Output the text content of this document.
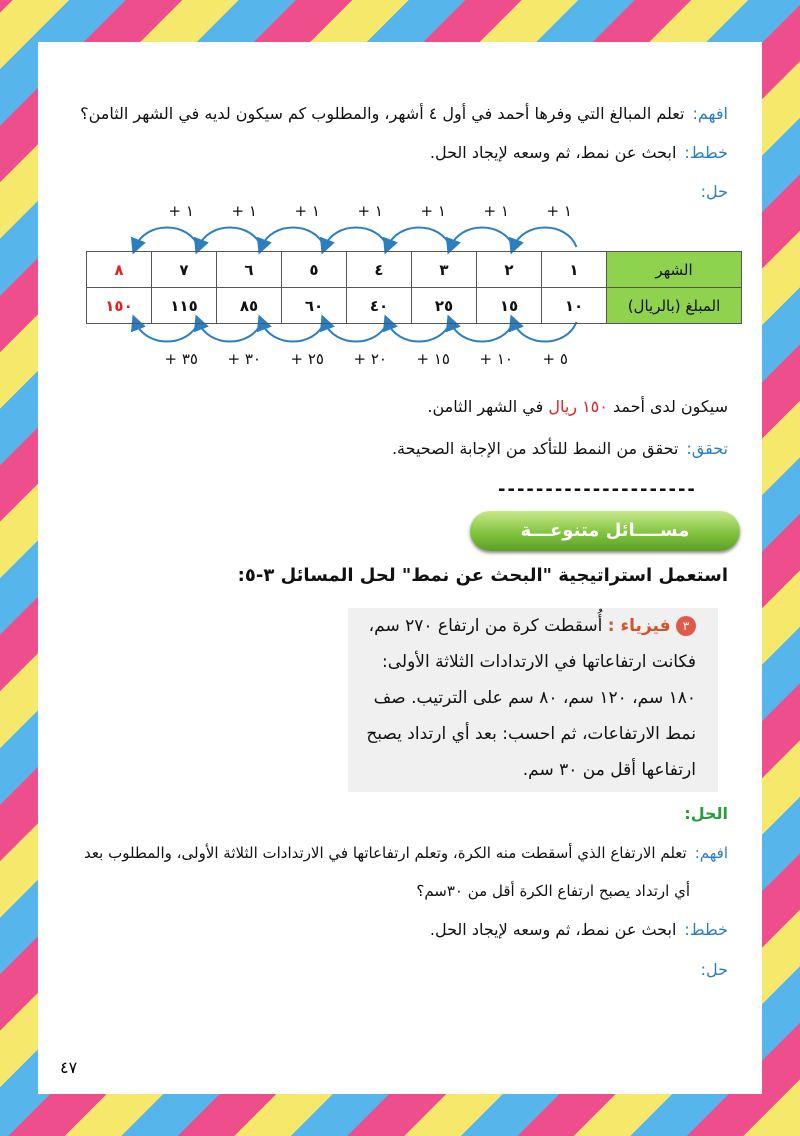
افهم:تعلم المبالغ التي وفرها أحمد في أول ٤ أشهر، والمطلوب كم سيكون لديه في الشهر الثامن؟
خطط:ابحث عن نمط، ثم وسعه لإيجاد الحل.
حل:
+ ١
+ ١
+ ١
+ ١
+ ١
+ ١
+ ١
+ ٥
+ ١٠
+ ١٥
+ ٢٠
+ ٢٥
+ ٣٠
+ ٣٥
الشهر	١	٢	٣	٤	٥	٦	٧	٨
المبلغ (بالريال)	١٠	١٥	٢٥	٤٠	٦٠	٨٥	١١٥	١٥٠
سيكون لدى أحمد ١٥٠ ريال في الشهر الثامن.
تحقق:تحقق من النمط للتأكد من الإجابة الصحيحة.
---------------------
مســــائل متنوعـــة
استعمل استراتيجية "البحث عن نمط" لحل المسائل ٣-٥:
٣ فيزياء : أُسقطت كرة من ارتفاع ٢٧٠ سم،
فكانت ارتفاعاتها في الارتدادات الثلاثة الأولى:
١٨٠ سم، ١٢٠ سم، ٨٠ سم على الترتيب. صف
نمط الارتفاعات، ثم احسب: بعد أي ارتداد يصبح
ارتفاعها أقل من ٣٠ سم.
الحل:
افهم:تعلم الارتفاع الذي أسقطت منه الكرة، وتعلم ارتفاعاتها في الارتدادات الثلاثة الأولى، والمطلوب بعد
أي ارتداد يصبح ارتفاع الكرة أقل من ٣٠سم؟
خطط:ابحث عن نمط، ثم وسعه لإيجاد الحل.
حل:
٤٧
